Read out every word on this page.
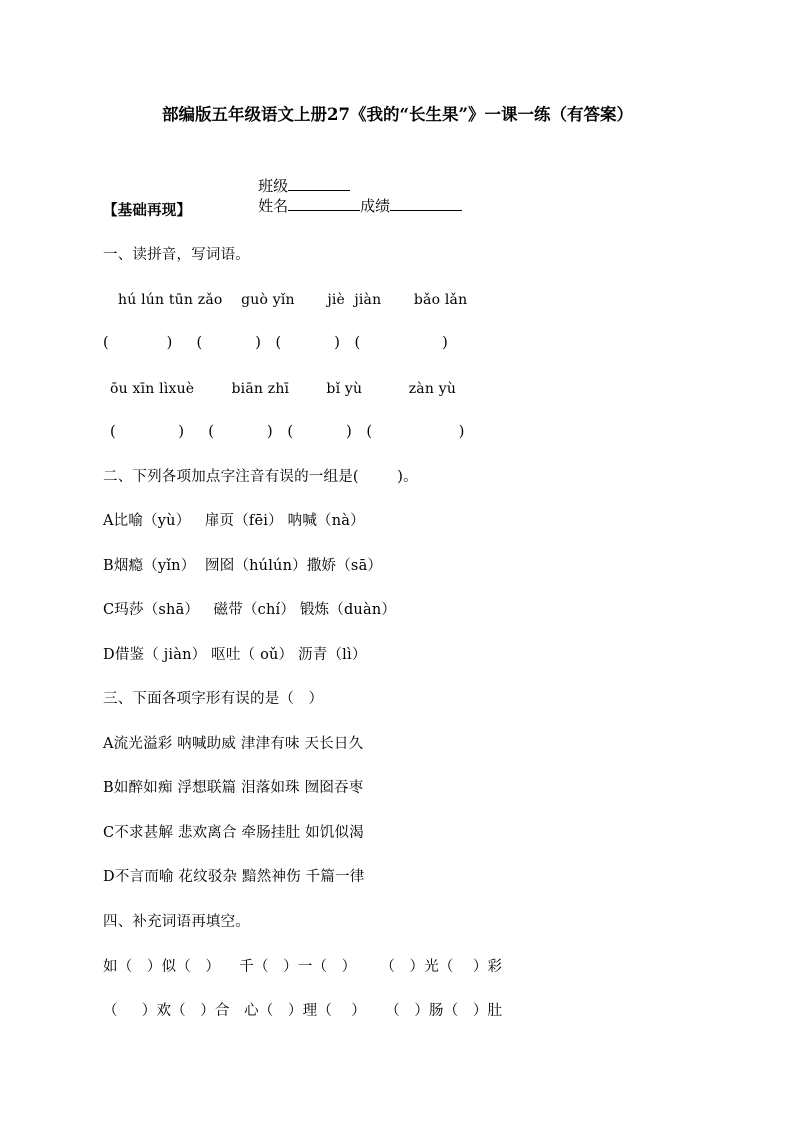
部编版五年级语文上册27《我的“长生果”》一课一练（有答案）

班级
姓名	成绩

【基础再现】
一、读拼音，写词语。
hú lún tūn zǎo    guò yǐn       jiè  jiàn       bǎo lǎn
(            )     (           )   (           )   (                 )
ōu xīn lìxuè        biān zhī        bǐ yù          zàn yù
(             )     (           )   (           )   (                  )
二、下列各项加点字注音有误的一组是(        )。
A比喻（yù）   扉页（fēi） 呐喊（nà）
B烟瘾（yǐn）  囫囵（húlún）撒娇（sā）
C玛莎（shā）   磁带（chí） 锻炼（duàn）
D借鉴（ jiàn） 呕吐（ oǔ） 沥青（lì）
三、下面各项字形有误的是（   ）
A流光溢彩 呐喊助威 津津有味 天长日久
B如醉如痴 浮想联篇 泪落如珠 囫囵吞枣
C不求甚解 悲欢离合 牵肠挂肚 如饥似渴
D不言而喻 花纹驳杂 黯然神伤 千篇一律
四、补充词语再填空。
如（   ）似（   ）    千（   ）一（   ）     （   ）光（    ）彩
（     ）欢（   ）合   心（   ）理（    ）    （   ）肠（   ）肚
